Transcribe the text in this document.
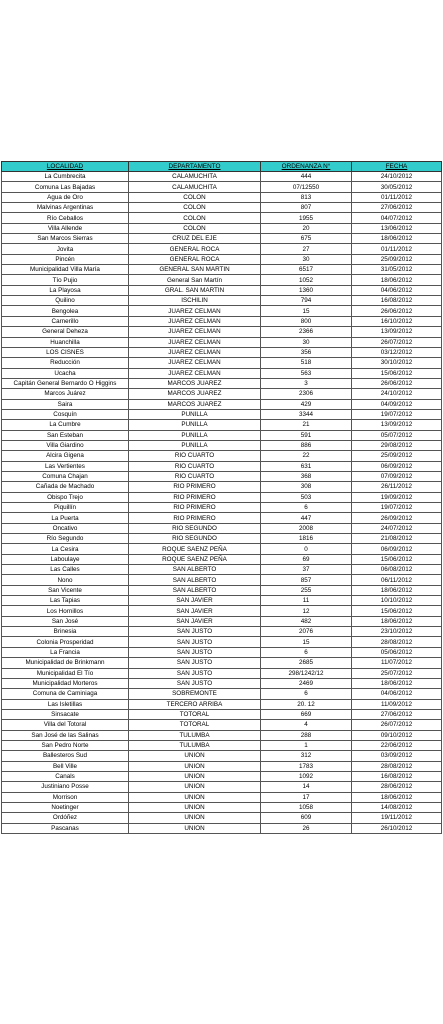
LOCALIDAD	DEPARTAMENTO	ORDENANZA N°	FECHA
La Cumbrecita	CALAMUCHITA	444	24/10/2012
Comuna Las Bajadas	CALAMUCHITA	07/12550	30/05/2012
Agua de Oro	COLON	813	01/11/2012
Malvinas Argentinas	COLON	807	27/06/2012
Río Ceballos	COLON	1955	04/07/2012
Villa Allende	COLON	20	13/06/2012
San Marcos Sierras	CRUZ DEL EJE	675	18/06/2012
Jovita	GENERAL ROCA	27	01/11/2012
Pincén	GENERAL ROCA	30	25/09/2012
Municipalidad Villa María	GENERAL SAN MARTIN	6517	31/05/2012
Tío Pujio	General San Martín	1052	18/06/2012
La Playosa	GRAL. SAN MARTIN	1360	04/06/2012
Quilino	ISCHILIN	794	16/08/2012
Bengolea	JUAREZ CELMAN	15	26/06/2012
Carnerillo	JUAREZ CELMAN	800	16/10/2012
General Deheza	JUAREZ CELMAN	2366	13/09/2012
Huanchilla	JUAREZ CELMAN	30	26/07/2012
LOS CISNES	JUAREZ CELMAN	356	03/12/2012
Reducción	JUAREZ CELMAN	518	30/10/2012
Ucacha	JUAREZ CELMAN	563	15/06/2012
Capitán General Bernardo O Higgins	MARCOS JUAREZ	3	26/06/2012
Marcos Juárez	MARCOS JUAREZ	2306	24/10/2012
Saira	MARCOS JUAREZ	429	04/09/2012
Cosquín	PUNILLA	3344	19/07/2012
La Cumbre	PUNILLA	21	13/09/2012
San Esteban	PUNILLA	591	05/07/2012
Villa Giardino	PUNILLA	886	29/08/2012
Alcira Gigena	RIO CUARTO	22	25/09/2012
Las Vertientes	RIO CUARTO	631	06/09/2012
Comuna Chajan	RIO CUARTO	368	07/09/2012
Cañada de Machado	RIO PRIMERO	308	26/11/2012
Obispo Trejo	RIO PRIMERO	503	19/09/2012
Piquillín	RIO PRIMERO	6	19/07/2012
La Puerta	RIO PRIMERO	447	26/09/2012
Oncativo	RIO SEGUNDO	2008	24/07/2012
Río Segundo	RIO SEGUNDO	1816	21/08/2012
La Cesira	ROQUE SAENZ PEÑA	0	06/09/2012
Laboulaye	ROQUE SAENZ PEÑA	69	15/06/2012
Las Calles	SAN ALBERTO	37	06/08/2012
Nono	SAN ALBERTO	857	06/11/2012
San Vicente	SAN ALBERTO	255	18/06/2012
Las Tapias	SAN JAVIER	11	10/10/2012
Los Hornillos	SAN JAVIER	12	15/06/2012
San José	SAN JAVIER	482	18/06/2012
Brinesia	SAN JUSTO	2076	23/10/2012
Colonia Prosperidad	SAN JUSTO	15	28/08/2012
La Francia	SAN JUSTO	6	05/06/2012
Municipalidad de Brinkmann	SAN JUSTO	2685	11/07/2012
Municipalidad El Tío	SAN JUSTO	298/1242/12	25/07/2012
Municipalidad Morteros	SAN JUSTO	2469	18/06/2012
Comuna de Caminiaga	SOBREMONTE	6	04/06/2012
Las Isletillas	TERCERO ARRIBA	20. 12	11/09/2012
Sinsacate	TOTORAL	669	27/06/2012
Villa del Totoral	TOTORAL	4	26/07/2012
San José de las Salinas	TULUMBA	288	09/10/2012
San Pedro Norte	TULUMBA	1	22/06/2012
Ballesteros Sud	UNION	312	03/09/2012
Bell Ville	UNION	1783	28/08/2012
Canals	UNION	1092	16/08/2012
Justiniano Posse	UNION	14	28/06/2012
Morrison	UNION	17	18/06/2012
Noetinger	UNION	1058	14/08/2012
Ordóñez	UNION	609	19/11/2012
Pascanas	UNION	26	26/10/2012
